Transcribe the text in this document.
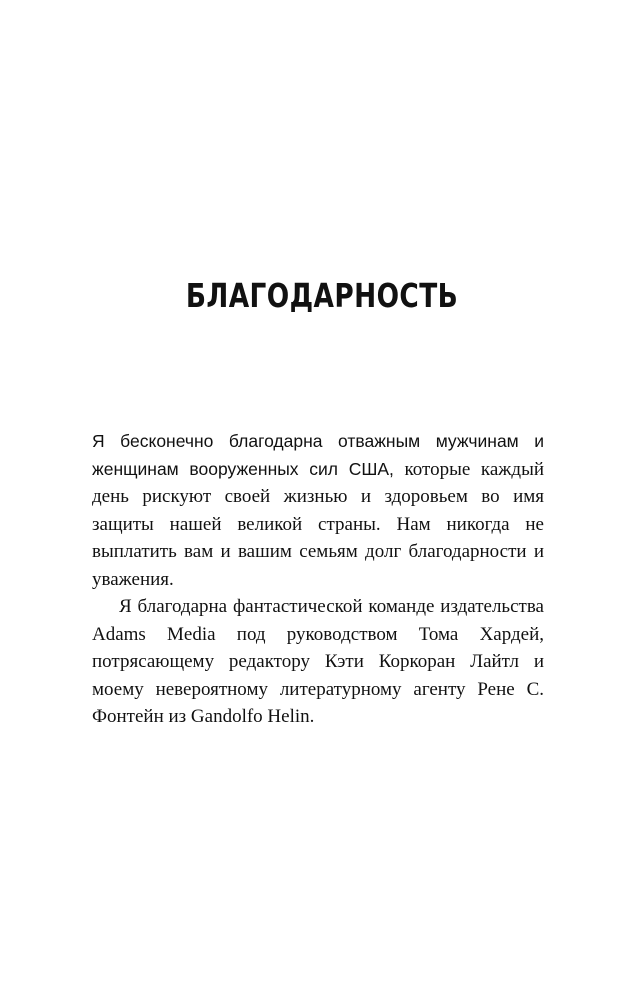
БЛАГОДАРНОСТЬ

Я бесконечно благодарна отважным мужчинам и женщинам вооруженных сил США, которые каждый день рискуют своей жизнью и здоровьем во имя защиты нашей великой страны. Нам никогда не выплатить вам и вашим семьям долг благодарности и уважения.

Я благодарна фантастической команде издательства Adams Media под руководством Тома Хардей, потрясающему редактору Кэти Коркоран Лайтл и моему невероятному литературному агенту Рене С. Фонтейн из Gandolfo Helin.
